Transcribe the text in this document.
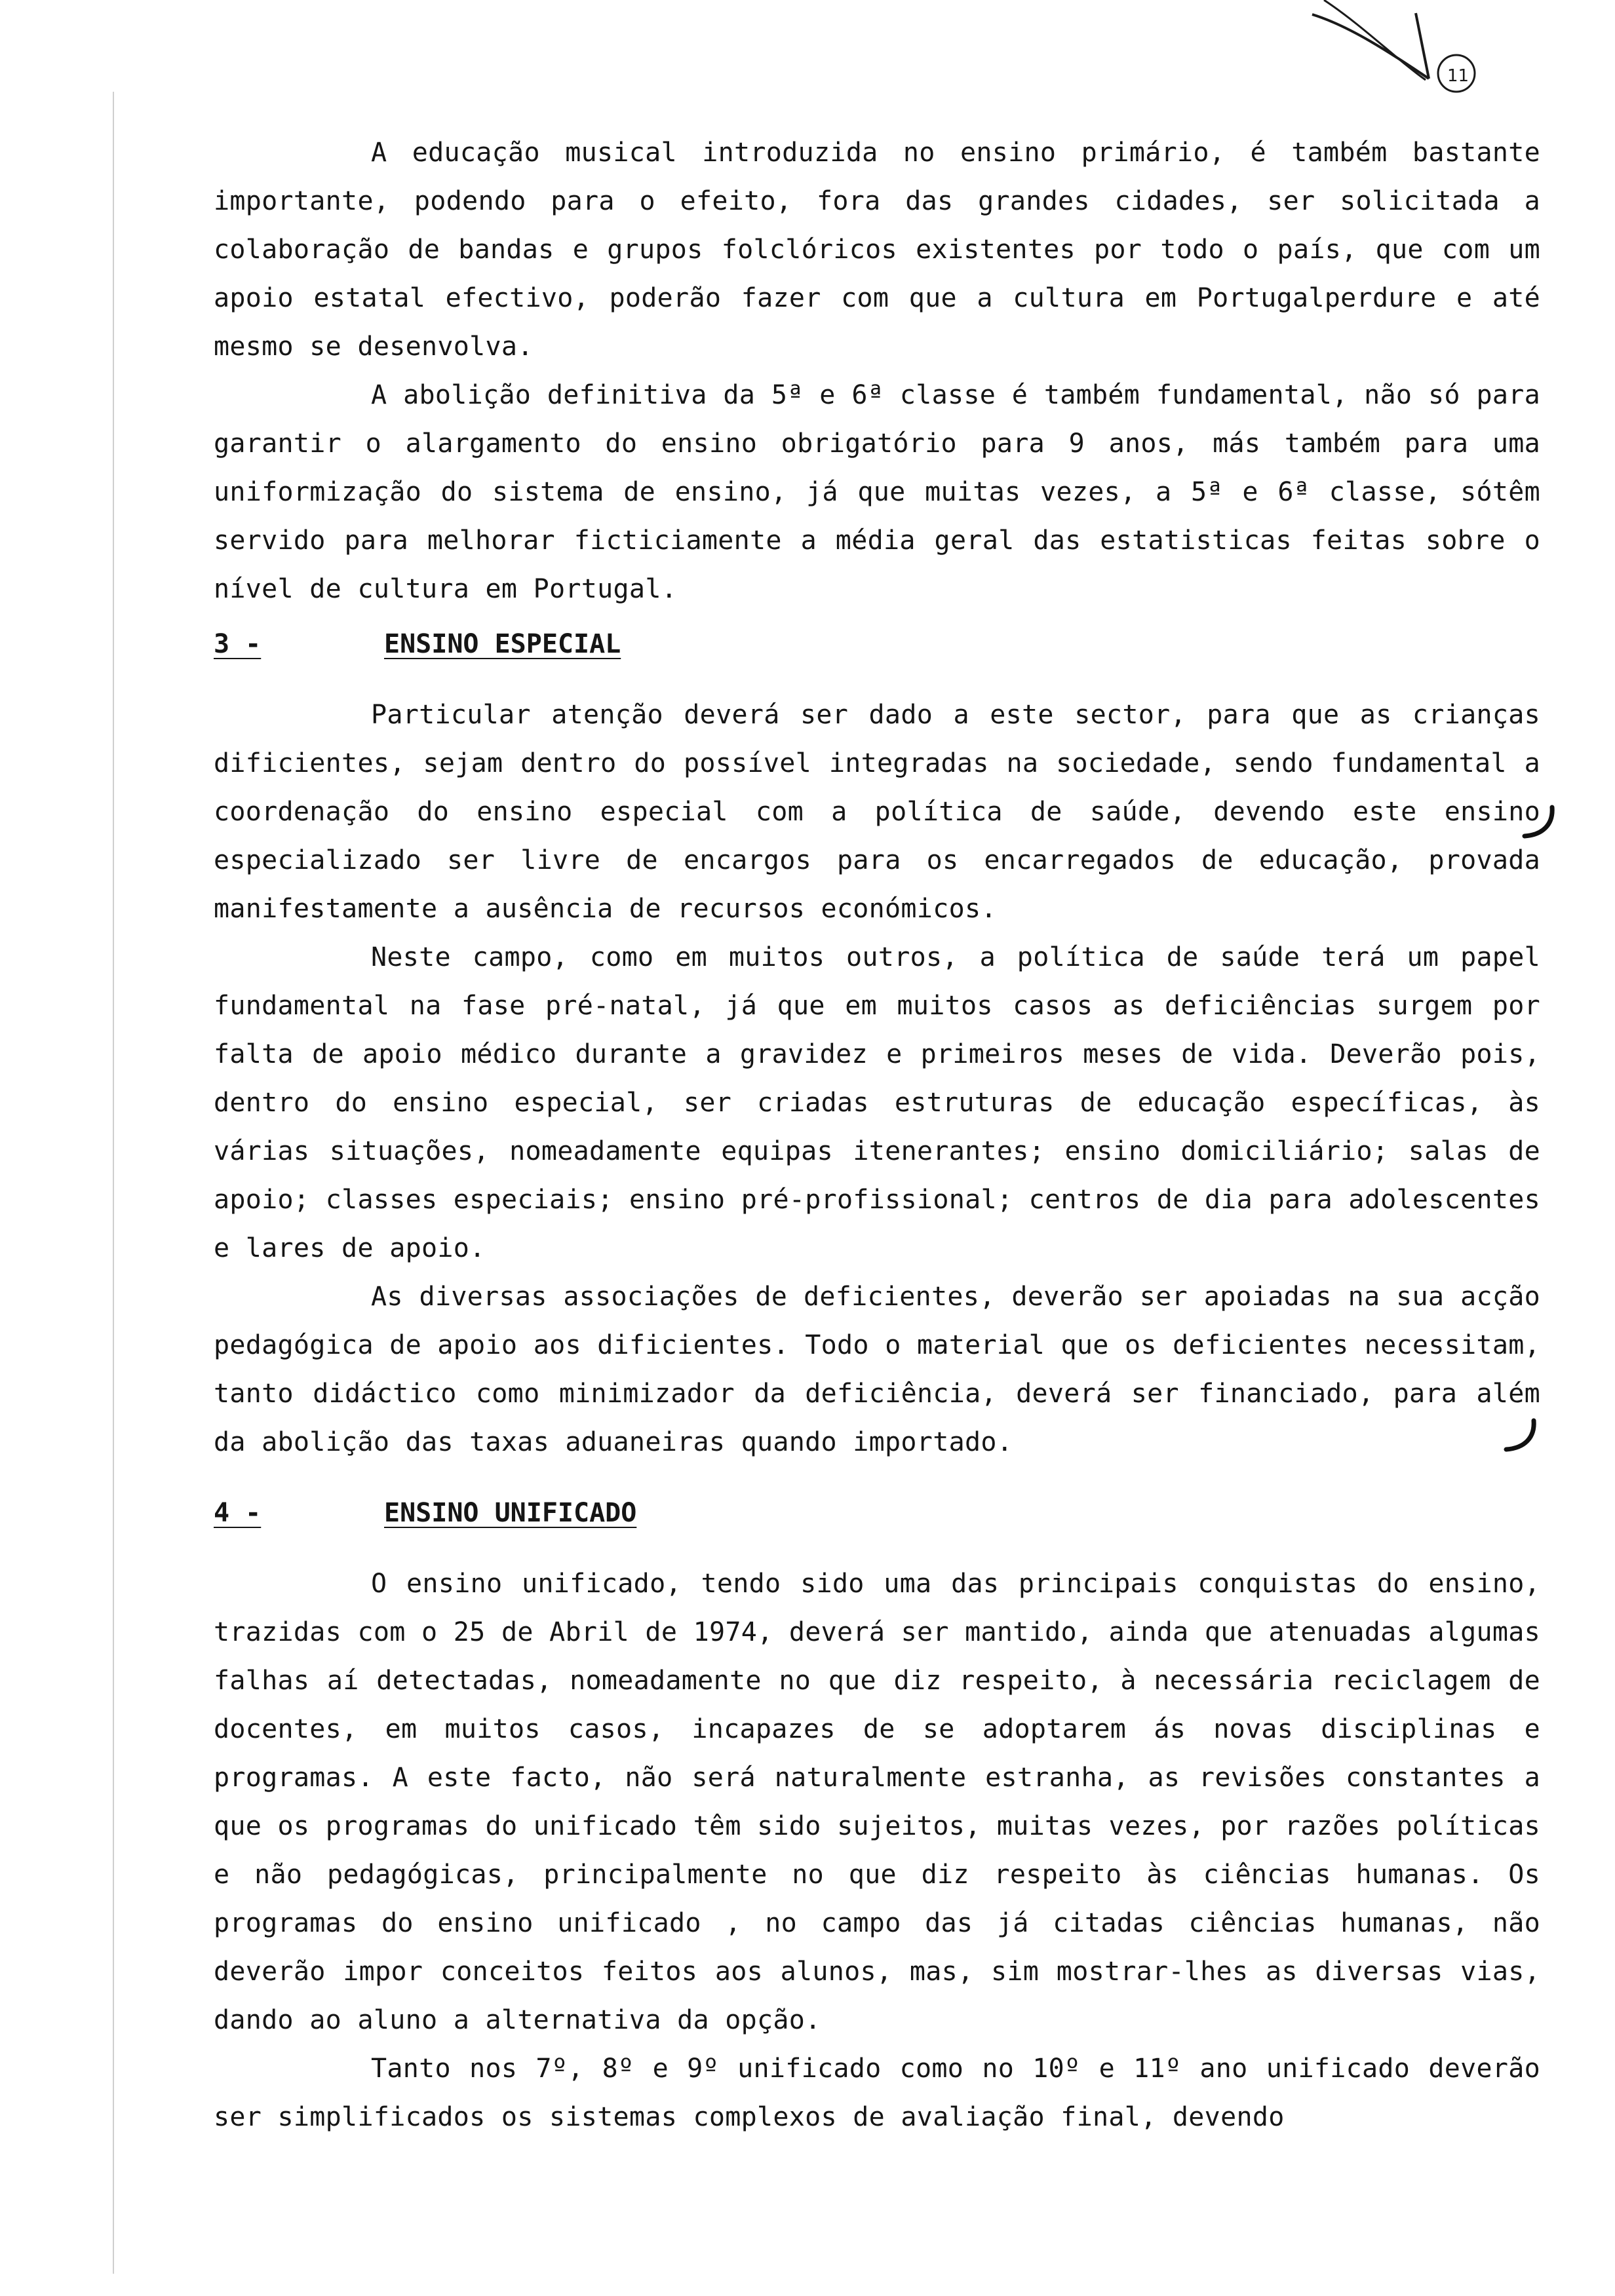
11

A educação musical introduzida no ensino primário, é também bastante importante, podendo para o efeito, fora das grandes cidades, ser solicitada a colaboração de bandas e grupos folclóricos existentes por todo o país, que com um apoio estatal efectivo, poderão fazer com que a cultura em Portugalperdure e até mesmo se desenvolva.

A abolição definitiva da 5ª e 6ª classe é também fundamental, não só para garantir o alargamento do ensino obrigatório para 9 anos, más também para uma uniformização do sistema de ensino, já que muitas vezes, a 5ª e 6ª classe, sótêm servido para melhorar ficticiamente a média geral das estatisticas feitas sobre o nível de cultura em Portugal.

3 -	ENSINO ESPECIAL

Particular atenção deverá ser dado a este sector, para que as crianças dificientes, sejam dentro do possível integradas na sociedade, sendo fundamental a coordenação do ensino especial com a política de saúde, devendo este ensino especializado ser livre de encargos para os encarregados de educação, provada manifestamente a ausência de recursos económicos.

Neste campo, como em muitos outros, a política de saúde terá um papel fundamental na fase pré-natal, já que em muitos casos as deficiências surgem por falta de apoio médico durante a gravidez e primeiros meses de vida. Deverão pois, dentro do ensino especial, ser criadas estruturas de educação específicas, às várias situações, nomeadamente equipas itenerantes; ensino domiciliário; salas de apoio; classes especiais; ensino pré-profissional; centros de dia para adolescentes e lares de apoio.

As diversas associações de deficientes, deverão ser apoiadas na sua acção pedagógica de apoio aos dificientes. Todo o material que os deficientes necessitam, tanto didáctico como minimizador da deficiência, deverá ser financiado, para além da abolição das taxas aduaneiras quando importado.

4 -	ENSINO UNIFICADO

O ensino unificado, tendo sido uma das principais conquistas do ensino, trazidas com o 25 de Abril de 1974, deverá ser mantido, ainda que atenuadas algumas falhas aí detectadas, nomeadamente no que diz respeito, à necessária reciclagem de docentes, em muitos casos, incapazes de se adoptarem ás novas disciplinas e programas. A este facto, não será naturalmente estranha, as revisões constantes a que os programas do unificado têm sido sujeitos, muitas vezes, por razões políticas e não pedagógicas, principalmente no que diz respeito às ciências humanas. Os programas do ensino unificado , no campo das já citadas ciências humanas, não deverão impor conceitos feitos aos alunos, mas, sim mostrar-lhes as diversas vias, dando ao aluno a alternativa da opção.

Tanto nos 7º, 8º e 9º unificado como no 10º e 11º ano unificado deverão ser simplificados os sistemas complexos de avaliação final, devendo
